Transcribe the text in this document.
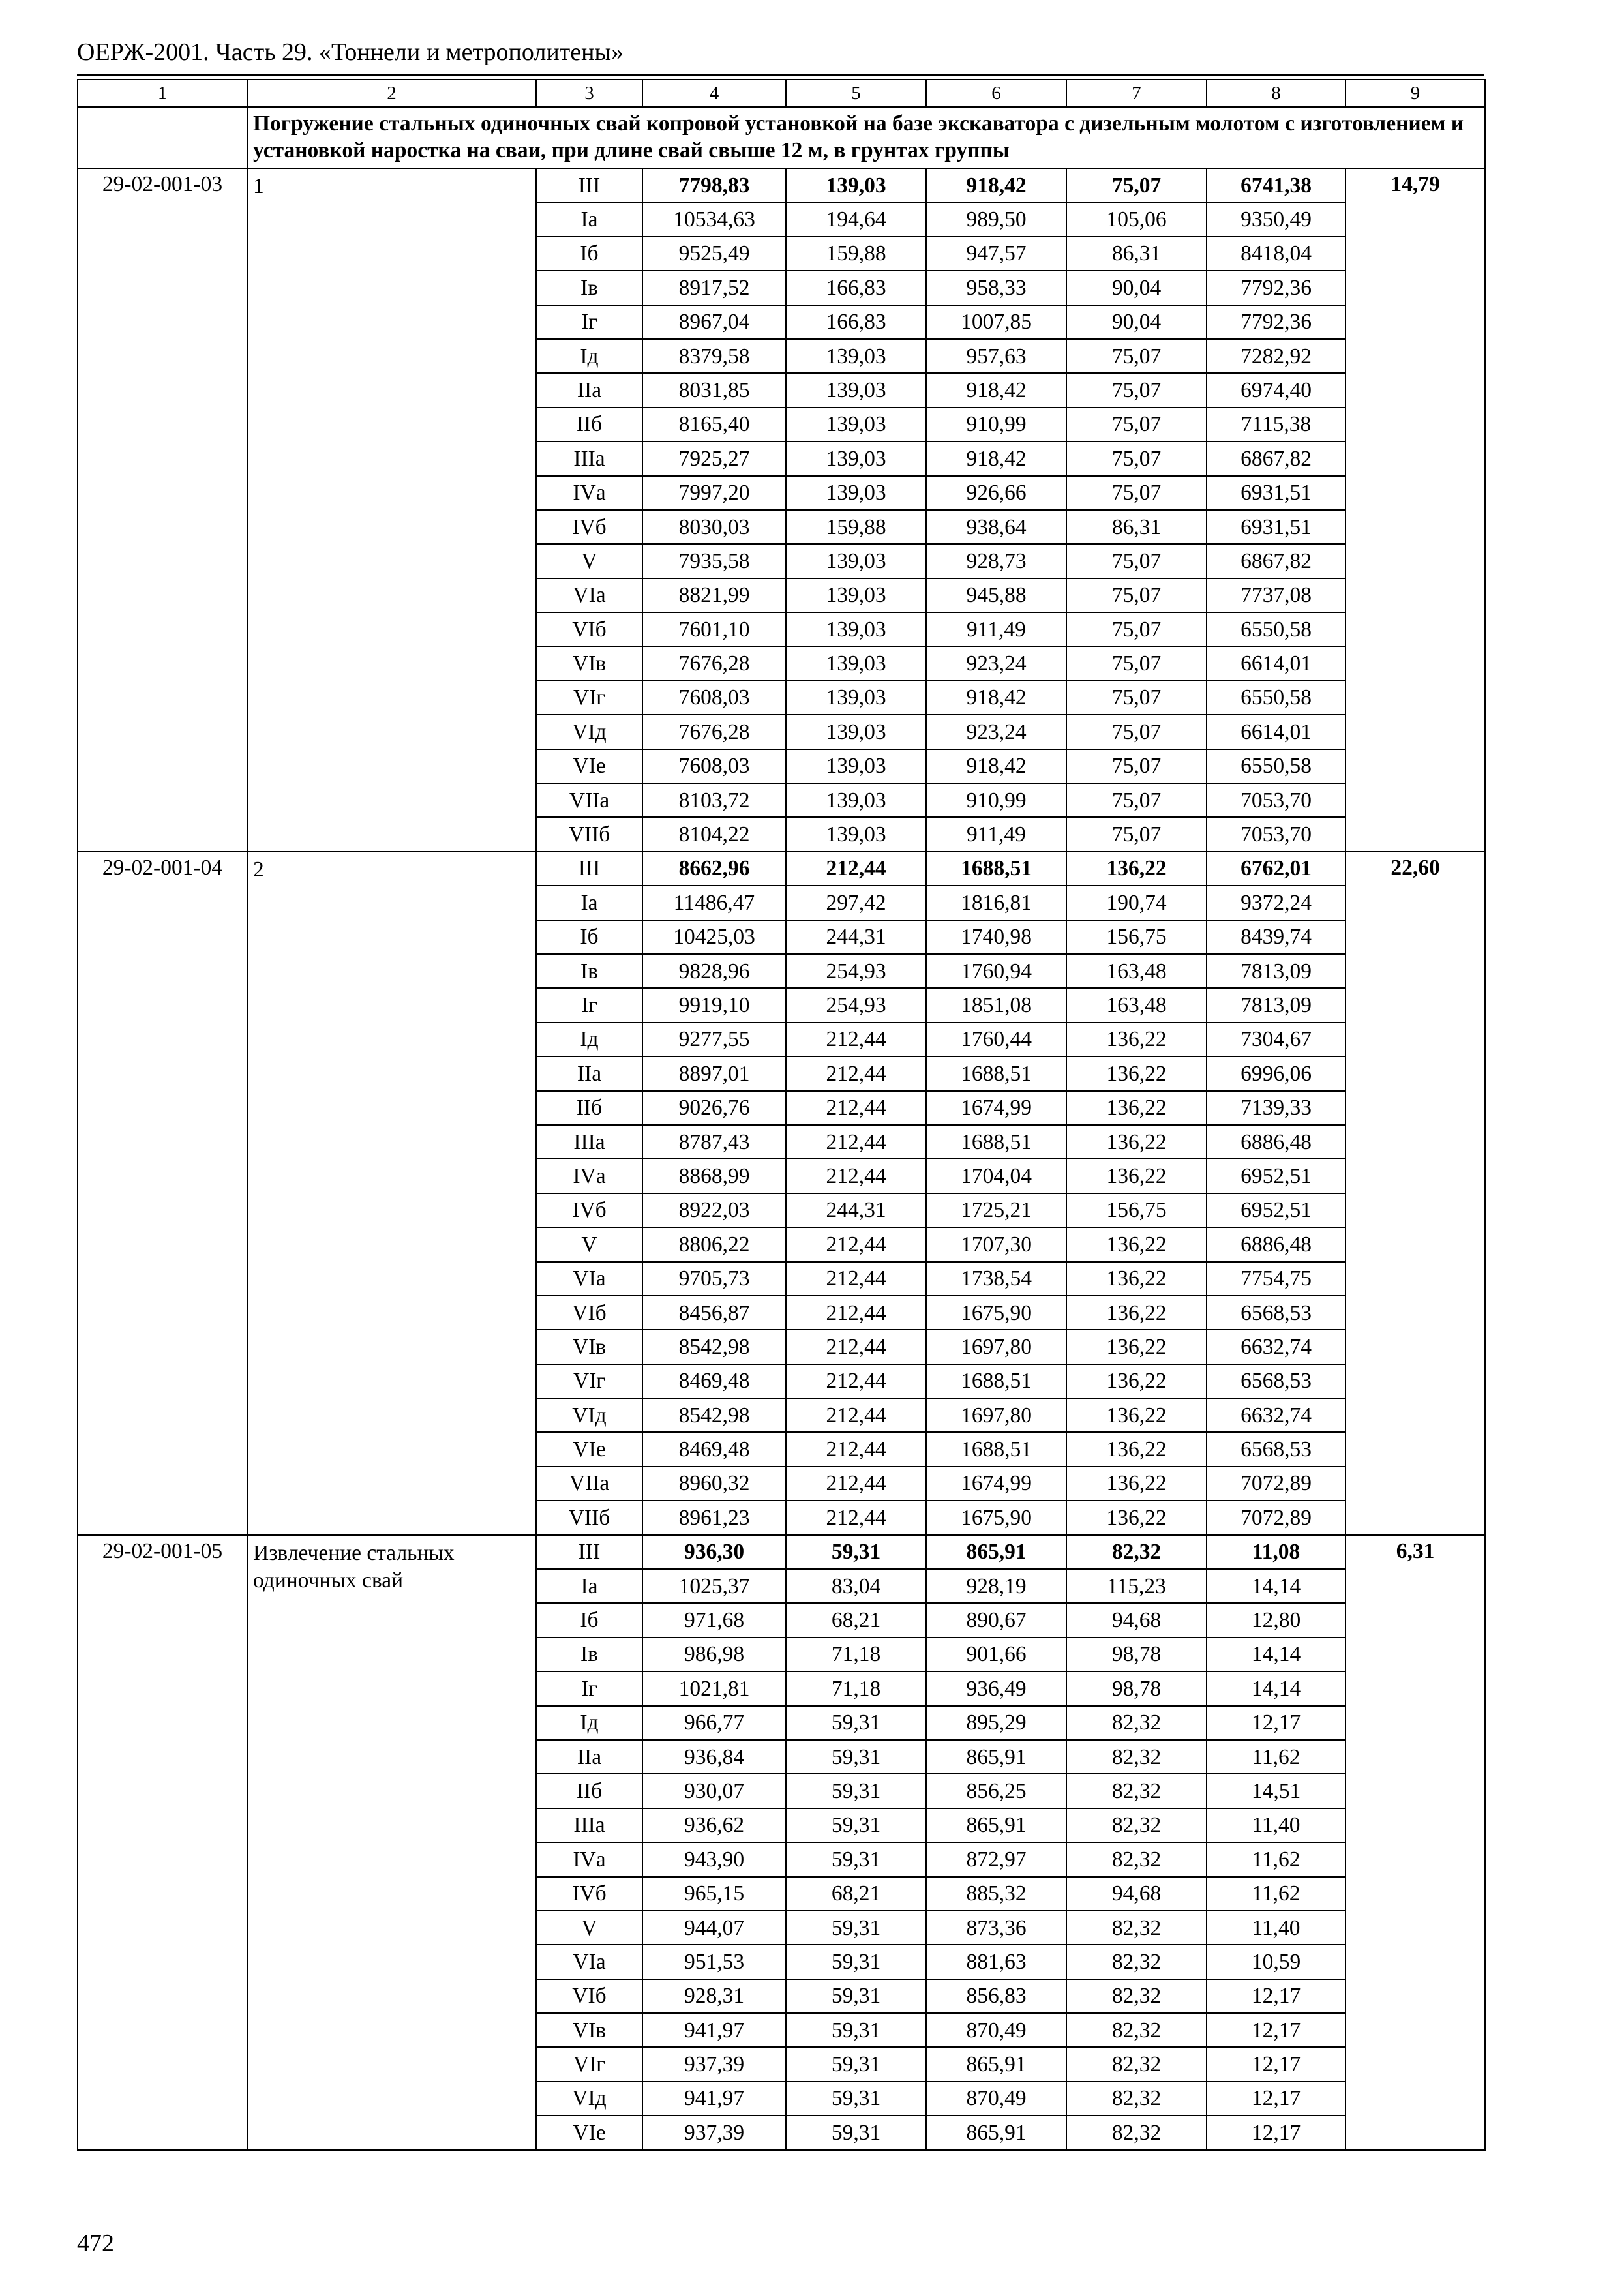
ОЕРЖ-2001. Часть 29. «Тоннели и метрополитены»
1	2	3	4	5	6	7	8	9
	Погружение стальных одиночных свай копровой установкой на базе экскаватора с дизельным молотом с изготовлением и установкой наростка на сваи, при длине свай свыше 12 м, в грунтах группы							
29-02-001-03	1	III	7798,83	139,03	918,42	75,07	6741,38	14,79
		Iа	10534,63	194,64	989,50	105,06	9350,49	
		Iб	9525,49	159,88	947,57	86,31	8418,04	
		Iв	8917,52	166,83	958,33	90,04	7792,36	
		Iг	8967,04	166,83	1007,85	90,04	7792,36	
		Iд	8379,58	139,03	957,63	75,07	7282,92	
		IIа	8031,85	139,03	918,42	75,07	6974,40	
		IIб	8165,40	139,03	910,99	75,07	7115,38	
		IIIа	7925,27	139,03	918,42	75,07	6867,82	
		IVа	7997,20	139,03	926,66	75,07	6931,51	
		IVб	8030,03	159,88	938,64	86,31	6931,51	
		V	7935,58	139,03	928,73	75,07	6867,82	
		VIа	8821,99	139,03	945,88	75,07	7737,08	
		VIб	7601,10	139,03	911,49	75,07	6550,58	
		VIв	7676,28	139,03	923,24	75,07	6614,01	
		VIг	7608,03	139,03	918,42	75,07	6550,58	
		VIд	7676,28	139,03	923,24	75,07	6614,01	
		VIе	7608,03	139,03	918,42	75,07	6550,58	
		VIIа	8103,72	139,03	910,99	75,07	7053,70	
		VIIб	8104,22	139,03	911,49	75,07	7053,70	
29-02-001-04	2	III	8662,96	212,44	1688,51	136,22	6762,01	22,60
		Iа	11486,47	297,42	1816,81	190,74	9372,24	
		Iб	10425,03	244,31	1740,98	156,75	8439,74	
		Iв	9828,96	254,93	1760,94	163,48	7813,09	
		Iг	9919,10	254,93	1851,08	163,48	7813,09	
		Iд	9277,55	212,44	1760,44	136,22	7304,67	
		IIа	8897,01	212,44	1688,51	136,22	6996,06	
		IIб	9026,76	212,44	1674,99	136,22	7139,33	
		IIIа	8787,43	212,44	1688,51	136,22	6886,48	
		IVа	8868,99	212,44	1704,04	136,22	6952,51	
		IVб	8922,03	244,31	1725,21	156,75	6952,51	
		V	8806,22	212,44	1707,30	136,22	6886,48	
		VIа	9705,73	212,44	1738,54	136,22	7754,75	
		VIб	8456,87	212,44	1675,90	136,22	6568,53	
		VIв	8542,98	212,44	1697,80	136,22	6632,74	
		VIг	8469,48	212,44	1688,51	136,22	6568,53	
		VIд	8542,98	212,44	1697,80	136,22	6632,74	
		VIе	8469,48	212,44	1688,51	136,22	6568,53	
		VIIа	8960,32	212,44	1674,99	136,22	7072,89	
		VIIб	8961,23	212,44	1675,90	136,22	7072,89	
29-02-001-05	Извлечение стальных одиночных свай	III	936,30	59,31	865,91	82,32	11,08	6,31
		Iа	1025,37	83,04	928,19	115,23	14,14	
		Iб	971,68	68,21	890,67	94,68	12,80	
		Iв	986,98	71,18	901,66	98,78	14,14	
		Iг	1021,81	71,18	936,49	98,78	14,14	
		Iд	966,77	59,31	895,29	82,32	12,17	
		IIа	936,84	59,31	865,91	82,32	11,62	
		IIб	930,07	59,31	856,25	82,32	14,51	
		IIIа	936,62	59,31	865,91	82,32	11,40	
		IVа	943,90	59,31	872,97	82,32	11,62	
		IVб	965,15	68,21	885,32	94,68	11,62	
		V	944,07	59,31	873,36	82,32	11,40	
		VIа	951,53	59,31	881,63	82,32	10,59	
		VIб	928,31	59,31	856,83	82,32	12,17	
		VIв	941,97	59,31	870,49	82,32	12,17	
		VIг	937,39	59,31	865,91	82,32	12,17	
		VIд	941,97	59,31	870,49	82,32	12,17	
		VIе	937,39	59,31	865,91	82,32	12,17	
472
